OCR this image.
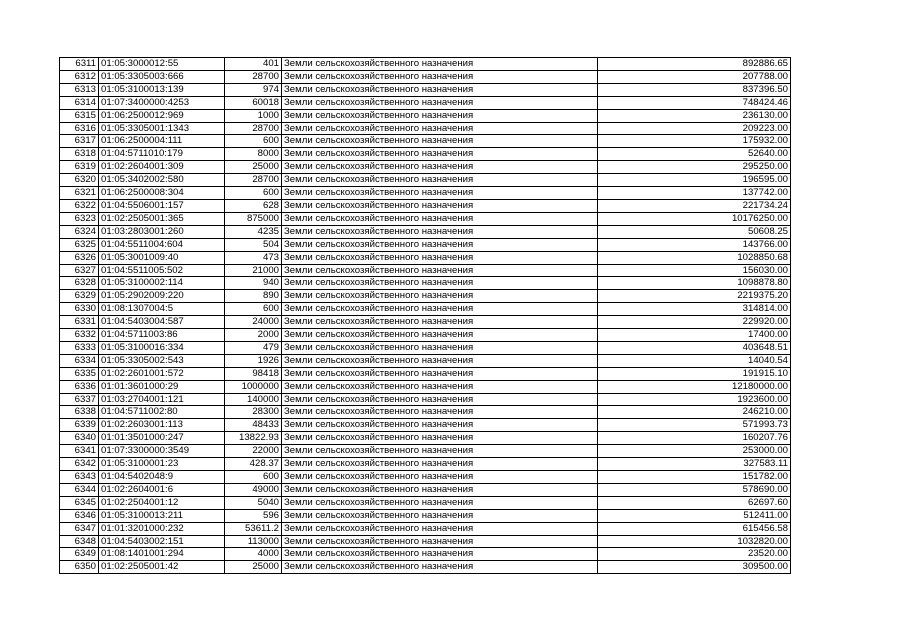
6311	01:05:3000012:55	401	Земли сельскохозяйственного назначения	892886.65
6312	01:05:3305003:666	28700	Земли сельскохозяйственного назначения	207788.00
6313	01:05:3100013:139	974	Земли сельскохозяйственного назначения	837396.50
6314	01:07:3400000:4253	60018	Земли сельскохозяйственного назначения	748424.46
6315	01:06:2500012:969	1000	Земли сельскохозяйственного назначения	236130.00
6316	01:05:3305001:1343	28700	Земли сельскохозяйственного назначения	209223.00
6317	01:06:2500004:111	600	Земли сельскохозяйственного назначения	175932.00
6318	01:04:5711010:179	8000	Земли сельскохозяйственного назначения	52640.00
6319	01:02:2604001:309	25000	Земли сельскохозяйственного назначения	295250.00
6320	01:05:3402002:580	28700	Земли сельскохозяйственного назначения	196595.00
6321	01:06:2500008:304	600	Земли сельскохозяйственного назначения	137742.00
6322	01:04:5506001:157	628	Земли сельскохозяйственного назначения	221734.24
6323	01:02:2505001:365	875000	Земли сельскохозяйственного назначения	10176250.00
6324	01:03:2803001:260	4235	Земли сельскохозяйственного назначения	50608.25
6325	01:04:5511004:604	504	Земли сельскохозяйственного назначения	143766.00
6326	01:05:3001009:40	473	Земли сельскохозяйственного назначения	1028850.68
6327	01:04:5511005:502	21000	Земли сельскохозяйственного назначения	156030.00
6328	01:05:3100002:114	940	Земли сельскохозяйственного назначения	1098878.80
6329	01:05:2902009:220	890	Земли сельскохозяйственного назначения	2219375.20
6330	01:08:1307004:5	600	Земли сельскохозяйственного назначения	314814.00
6331	01:04:5403004:587	24000	Земли сельскохозяйственного назначения	229920.00
6332	01:04:5711003:86	2000	Земли сельскохозяйственного назначения	17400.00
6333	01:05:3100016:334	479	Земли сельскохозяйственного назначения	403648.51
6334	01:05:3305002:543	1926	Земли сельскохозяйственного назначения	14040.54
6335	01:02:2601001:572	98418	Земли сельскохозяйственного назначения	191915.10
6336	01:01:3601000:29	1000000	Земли сельскохозяйственного назначения	12180000.00
6337	01:03:2704001:121	140000	Земли сельскохозяйственного назначения	1923600.00
6338	01:04:5711002:80	28300	Земли сельскохозяйственного назначения	246210.00
6339	01:02:2603001:113	48433	Земли сельскохозяйственного назначения	571993.73
6340	01:01:3501000:247	13822.93	Земли сельскохозяйственного назначения	160207.76
6341	01:07:3300000:3549	22000	Земли сельскохозяйственного назначения	253000.00
6342	01:05:3100001:23	428.37	Земли сельскохозяйственного назначения	327583.11
6343	01:04:5402048:9	600	Земли сельскохозяйственного назначения	151782.00
6344	01:02:2604001:6	49000	Земли сельскохозяйственного назначения	578690.00
6345	01:02:2504001:12	5040	Земли сельскохозяйственного назначения	62697.60
6346	01:05:3100013:211	596	Земли сельскохозяйственного назначения	512411.00
6347	01:01:3201000:232	53611.2	Земли сельскохозяйственного назначения	615456.58
6348	01:04:5403002:151	113000	Земли сельскохозяйственного назначения	1032820.00
6349	01:08:1401001:294	4000	Земли сельскохозяйственного назначения	23520.00
6350	01:02:2505001:42	25000	Земли сельскохозяйственного назначения	309500.00
